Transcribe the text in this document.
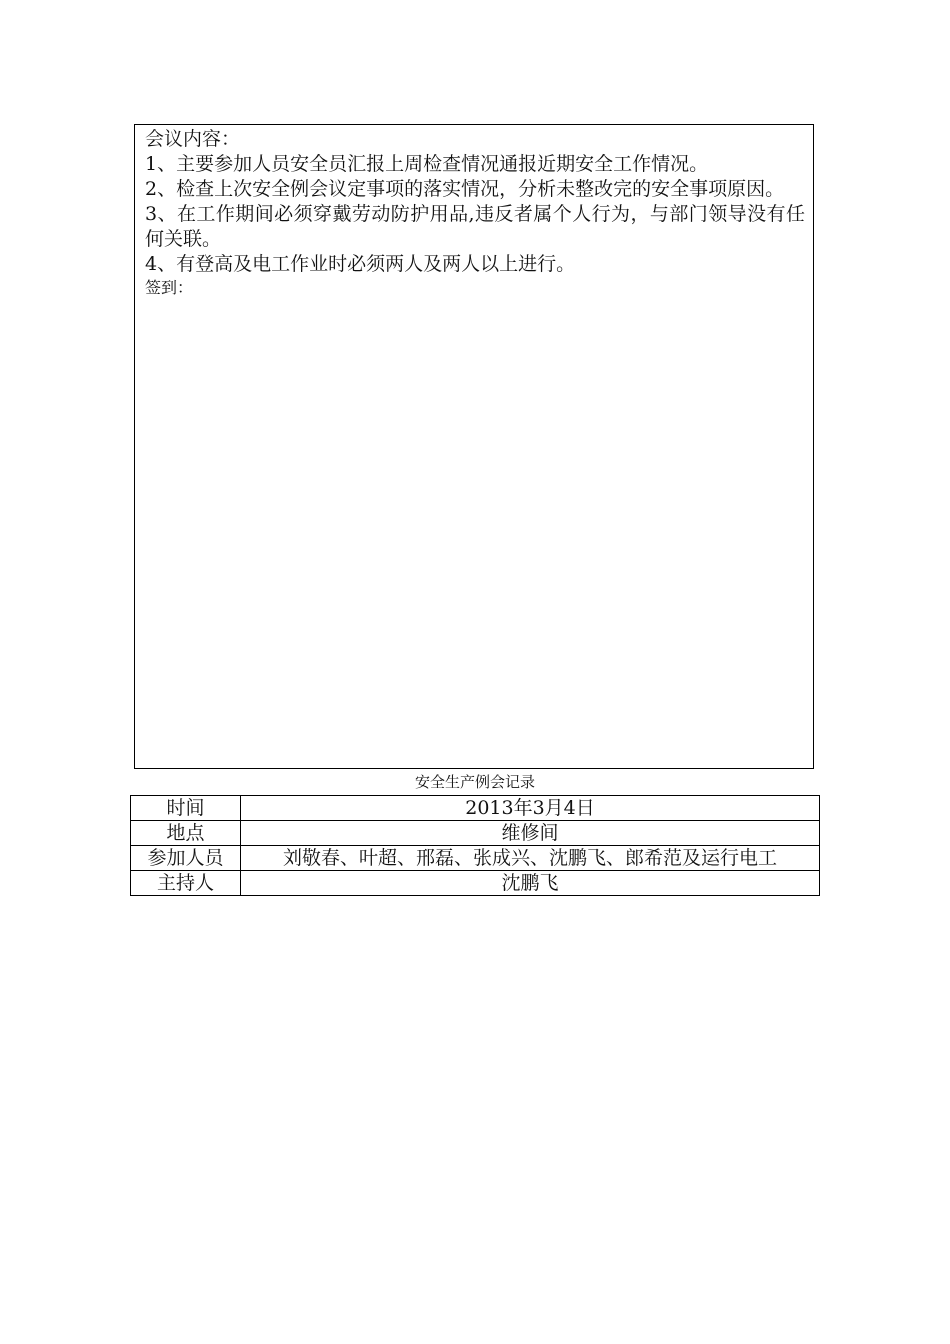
会议内容：

1、主要参加人员安全员汇报上周检查情况通报近期安全工作情况。

2、检查上次安全例会议定事项的落实情况，分析未整改完的安全事项原因。

3、在工作期间必须穿戴劳动防护用品,违反者属个人行为，与部门领导没有任何关联。

4、有登高及电工作业时必须两人及两人以上进行。

签到：

安全生产例会记录
时间	2013年3月4日
地点	维修间
参加人员	刘敬春、叶超、邢磊、张成兴、沈鹏飞、郎希范及运行电工
主持人	沈鹏飞
